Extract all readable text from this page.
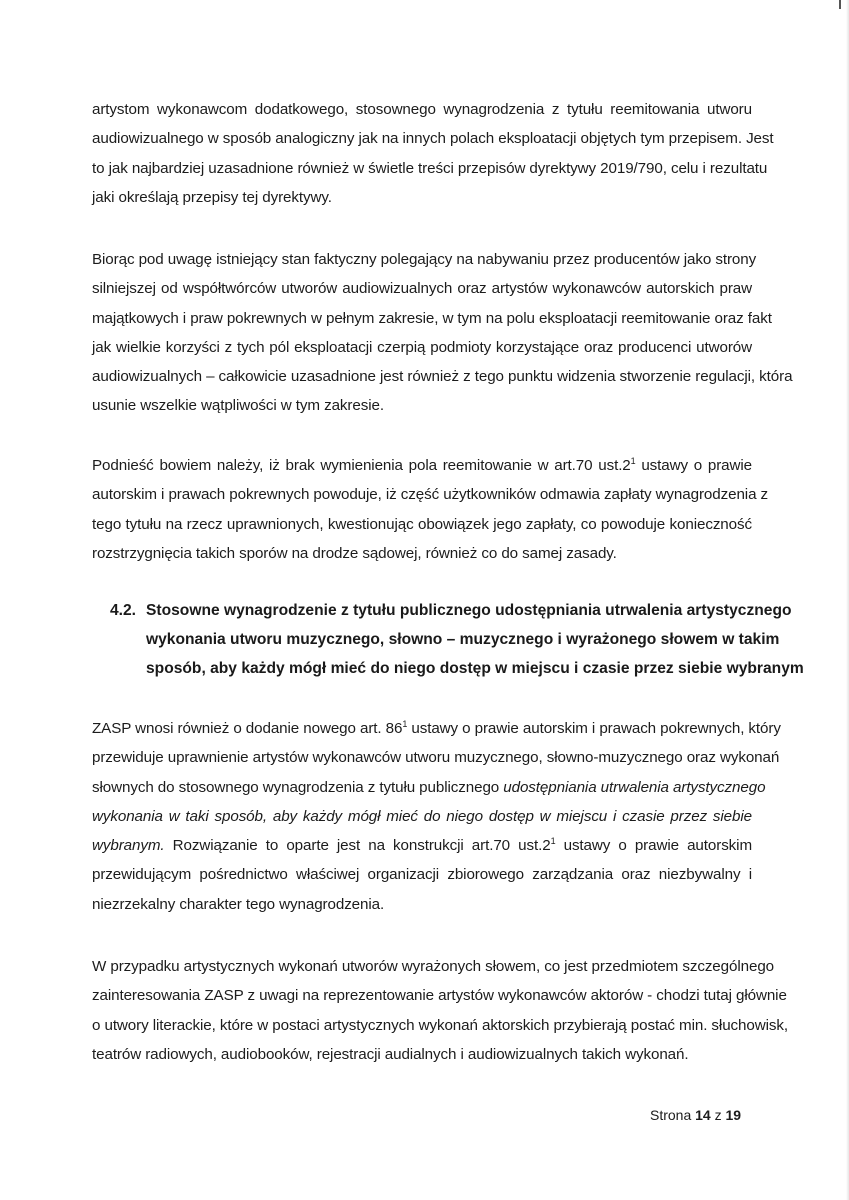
artystom wykonawcom dodatkowego, stosownego wynagrodzenia z tytułu reemitowania utworu
audiowizualnego w sposób analogiczny jak na innych polach eksploatacji objętych tym przepisem. Jest
to jak najbardziej uzasadnione również w świetle treści przepisów dyrektywy 2019/790, celu i rezultatu
jaki określają przepisy tej dyrektywy.
Biorąc pod uwagę istniejący stan faktyczny polegający na nabywaniu przez producentów jako strony
silniejszej od współtwórców utworów audiowizualnych oraz artystów wykonawców autorskich praw
majątkowych i praw pokrewnych w pełnym zakresie, w tym na polu eksploatacji reemitowanie oraz fakt
jak wielkie korzyści z tych pól eksploatacji czerpią podmioty korzystające oraz producenci utworów
audiowizualnych – całkowicie uzasadnione jest również z tego punktu widzenia stworzenie regulacji, która
usunie wszelkie wątpliwości w tym zakresie.
Podnieść bowiem należy, iż brak wymienienia pola reemitowanie w art.70 $ust.2^1$ ustawy o prawie
autorskim i prawach pokrewnych powoduje, iż część użytkowników odmawia zapłaty wynagrodzenia z
tego tytułu na rzecz uprawnionych, kwestionując obowiązek jego zapłaty, co powoduje konieczność
rozstrzygnięcia takich sporów na drodze sądowej, również co do samej zasady.
4.2. Stosowne wynagrodzenie z tytułu publicznego udostępniania utrwalenia artystycznego
wykonania utworu muzycznego, słowno – muzycznego i wyrażonego słowem w takim
sposób, aby każdy mógł mieć do niego dostęp w miejscu i czasie przez siebie wybranym
ZASP wnosi również o dodanie nowego art. $86^1$ ustawy o prawie autorskim i prawach pokrewnych, który
przewiduje uprawnienie artystów wykonawców utworu muzycznego, słowno-muzycznego oraz wykonań
słownych do stosownego wynagrodzenia z tytułu publicznego udostępniania utrwalenia artystycznego
wykonania w taki sposób, aby każdy mógł mieć do niego dostęp w miejscu i czasie przez siebie
wybranym. Rozwiązanie to oparte jest na konstrukcji art.70 $ust.2^1$ ustawy o prawie autorskim
przewidującym pośrednictwo właściwej organizacji zbiorowego zarządzania oraz niezbywalny i
niezrzekalny charakter tego wynagrodzenia.
W przypadku artystycznych wykonań utworów wyrażonych słowem, co jest przedmiotem szczególnego
zainteresowania ZASP z uwagi na reprezentowanie artystów wykonawców aktorów - chodzi tutaj głównie
o utwory literackie, które w postaci artystycznych wykonań aktorskich przybierają postać min. słuchowisk,
teatrów radiowych, audiobooków, rejestracji audialnych i audiowizualnych takich wykonań.
Strona 14 z 19
